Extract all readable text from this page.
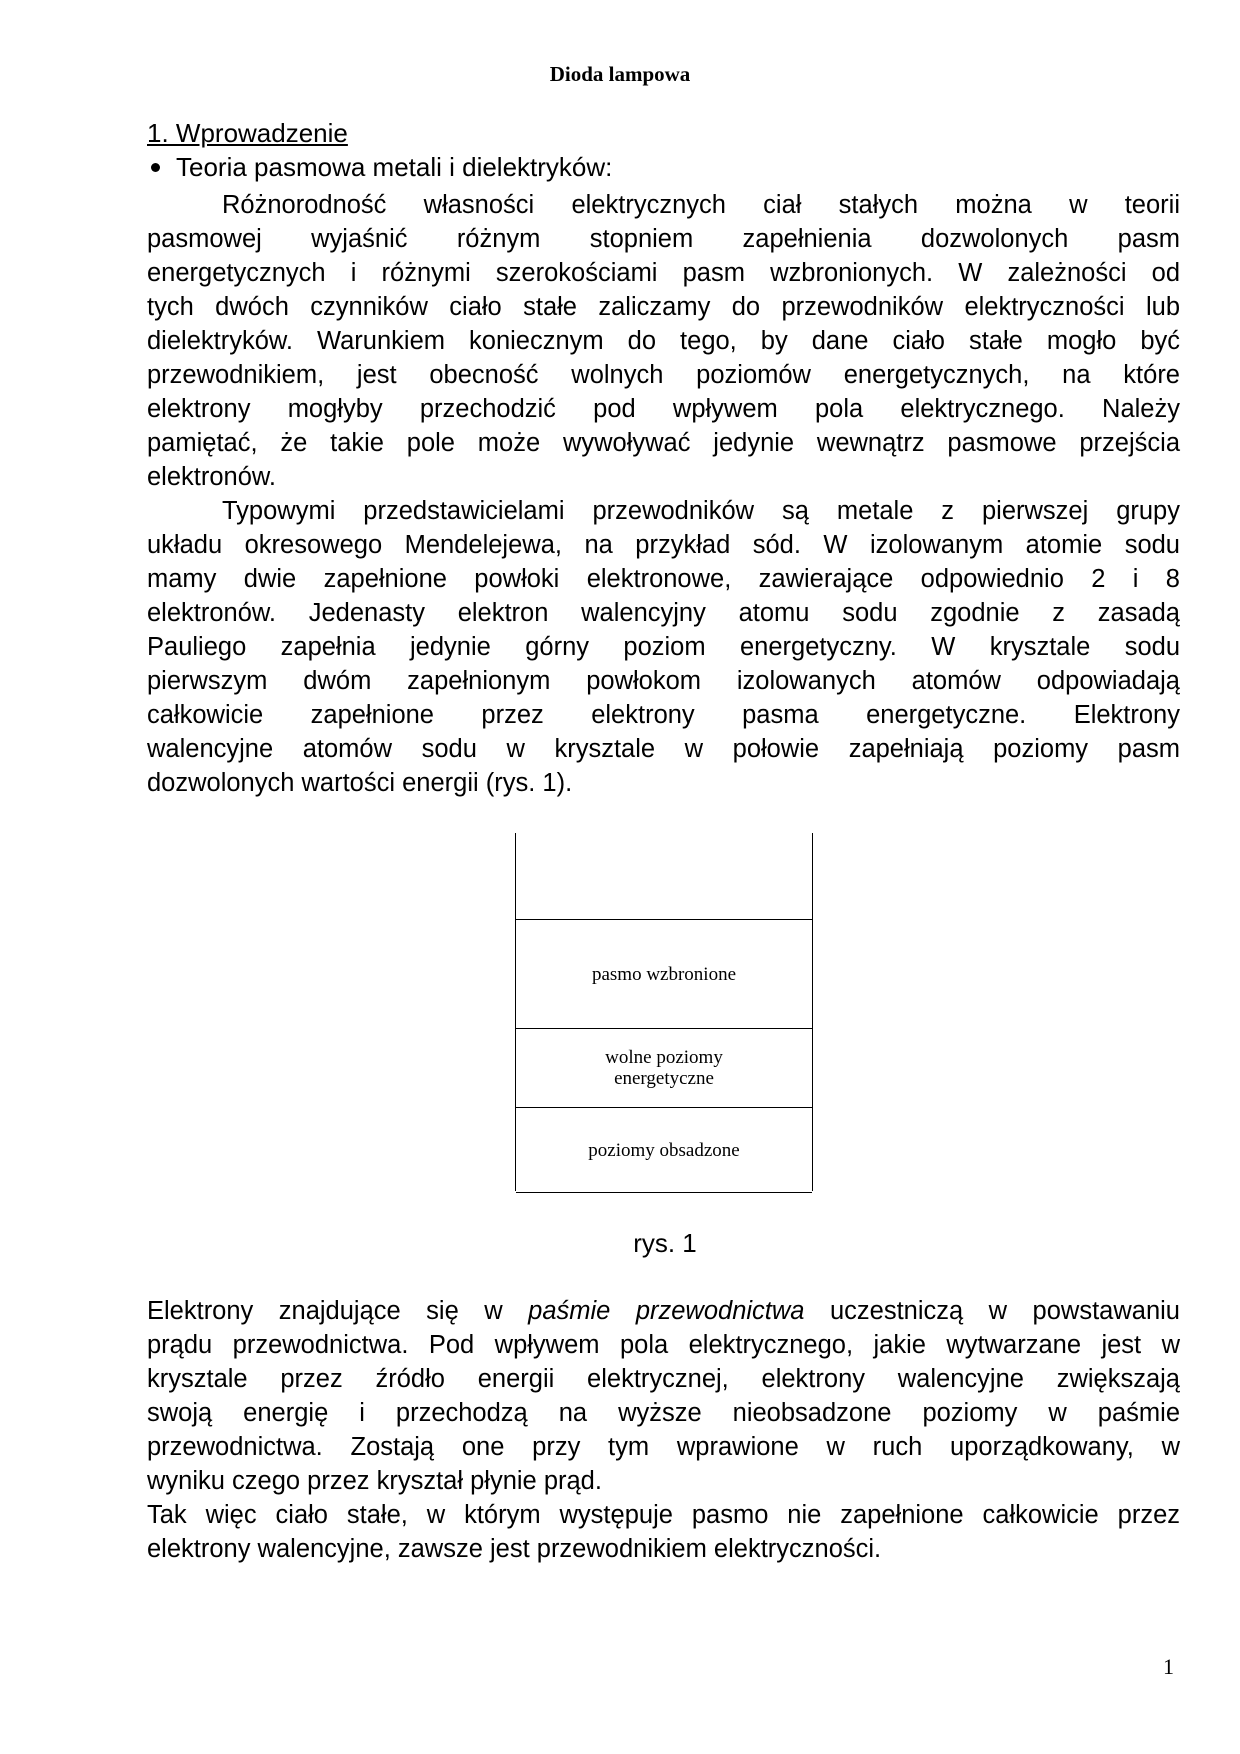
Dioda lampowa
1. Wprowadzenie
Teoria pasmowa metali i dielektryków:
Różnorodność własności elektrycznych ciał stałych można w teorii
pasmowej wyjaśnić różnym stopniem zapełnienia dozwolonych pasm
energetycznych i różnymi szerokościami pasm wzbronionych. W zależności od
tych dwóch czynników ciało stałe zaliczamy do przewodników elektryczności lub
dielektryków. Warunkiem koniecznym do tego, by dane ciało stałe mogło być
przewodnikiem, jest obecność wolnych poziomów energetycznych, na które
elektrony mogłyby przechodzić pod wpływem pola elektrycznego. Należy
pamiętać, że takie pole może wywoływać jedynie wewnątrz pasmowe przejścia
elektronów.
Typowymi przedstawicielami przewodników są metale z pierwszej grupy
układu okresowego Mendelejewa, na przykład sód. W izolowanym atomie sodu
mamy dwie zapełnione powłoki elektronowe, zawierające odpowiednio 2 i 8
elektronów. Jedenasty elektron walencyjny atomu sodu zgodnie z zasadą
Pauliego zapełnia jedynie górny poziom energetyczny. W krysztale sodu
pierwszym dwóm zapełnionym powłokom izolowanych atomów odpowiadają
całkowicie zapełnione przez elektrony pasma energetyczne. Elektrony
walencyjne atomów sodu w krysztale w połowie zapełniają poziomy pasm
dozwolonych wartości energii (rys. 1).
pasmo wzbronione
wolne poziomy
energetyczne
poziomy obsadzone
rys. 1
Elektrony znajdujące się w paśmie przewodnictwa uczestniczą w powstawaniu
prądu przewodnictwa. Pod wpływem pola elektrycznego, jakie wytwarzane jest w
krysztale przez źródło energii elektrycznej, elektrony walencyjne zwiększają
swoją energię i przechodzą na wyższe nieobsadzone poziomy w paśmie
przewodnictwa. Zostają one przy tym wprawione w ruch uporządkowany, w
wyniku czego przez kryształ płynie prąd.
Tak więc ciało stałe, w którym występuje pasmo nie zapełnione całkowicie przez
elektrony walencyjne, zawsze jest przewodnikiem elektryczności.
1
